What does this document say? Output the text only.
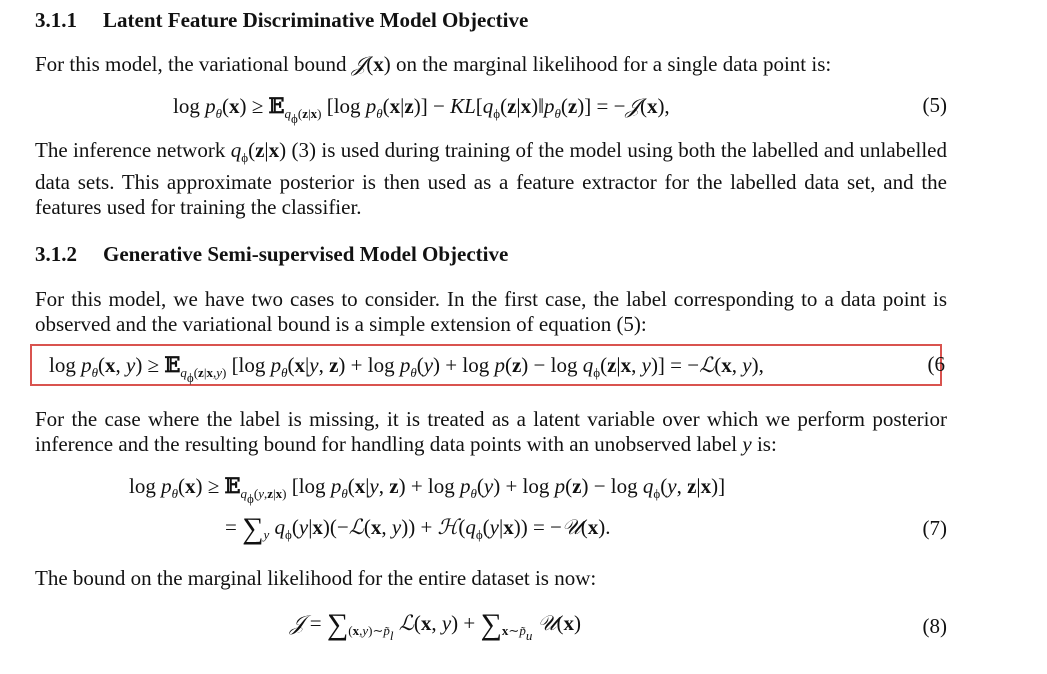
3.1.1 Latent Feature Discriminative Model Objective
For this model, the variational bound 𝒥(x) on the marginal likelihood for a single data point is:
$\log p_\theta(x)$ ≥ 𝔼$_{q_\phi(z|x)}$ [log $p_\theta(x|z)$] − $KL[q_\phi(z|x)‖p_\theta(z)]$ = −𝒥(x),	(5)
The inference network $q_\phi(z|x)$ (3) is used during training of the model using both the labelled and unlabelled data sets. This approximate posterior is then used as a feature extractor for the labelled data set, and the features used for training the classifier.
3.1.2 Generative Semi-supervised Model Objective
For this model, we have two cases to consider. In the first case, the label corresponding to a data point is observed and the variational bound is a simple extension of equation (5):
$\log p_\theta(x$, y) ≥ 𝔼$_{q_\phi(z|x,y)}$ [log $p_\theta(x|y$, $z) + \log p_\theta(y) + \log p(z) - \log q_\phi(z|x$, y)] = −ℒ(x, y),	(6
For the case where the label is missing, it is treated as a latent variable over which we perform posterior inference and the resulting bound for handling data points with an unobserved label y is:
$\log p_\theta(x)$ ≥ 𝔼$_{q_\phi(y,z|x)}$ [log $p_\theta(x|y$, $z) + \log p_\theta(y) + \log p(z) - \log q_\phi(y$, z|x)]
= $\sum_y$ $q_\phi(y|x)(-ℒ(x$, $y)) + ℋ(q_\phi(y|x))$ = −𝒰(x).	(7)
The bound on the marginal likelihood for the entire dataset is now:
𝒥 = $\sum_{(x,y)\sim p̃_l}$ ℒ(x, $y) + \sum_{x\sim p̃_u}$ 𝒰(x)	(8)
